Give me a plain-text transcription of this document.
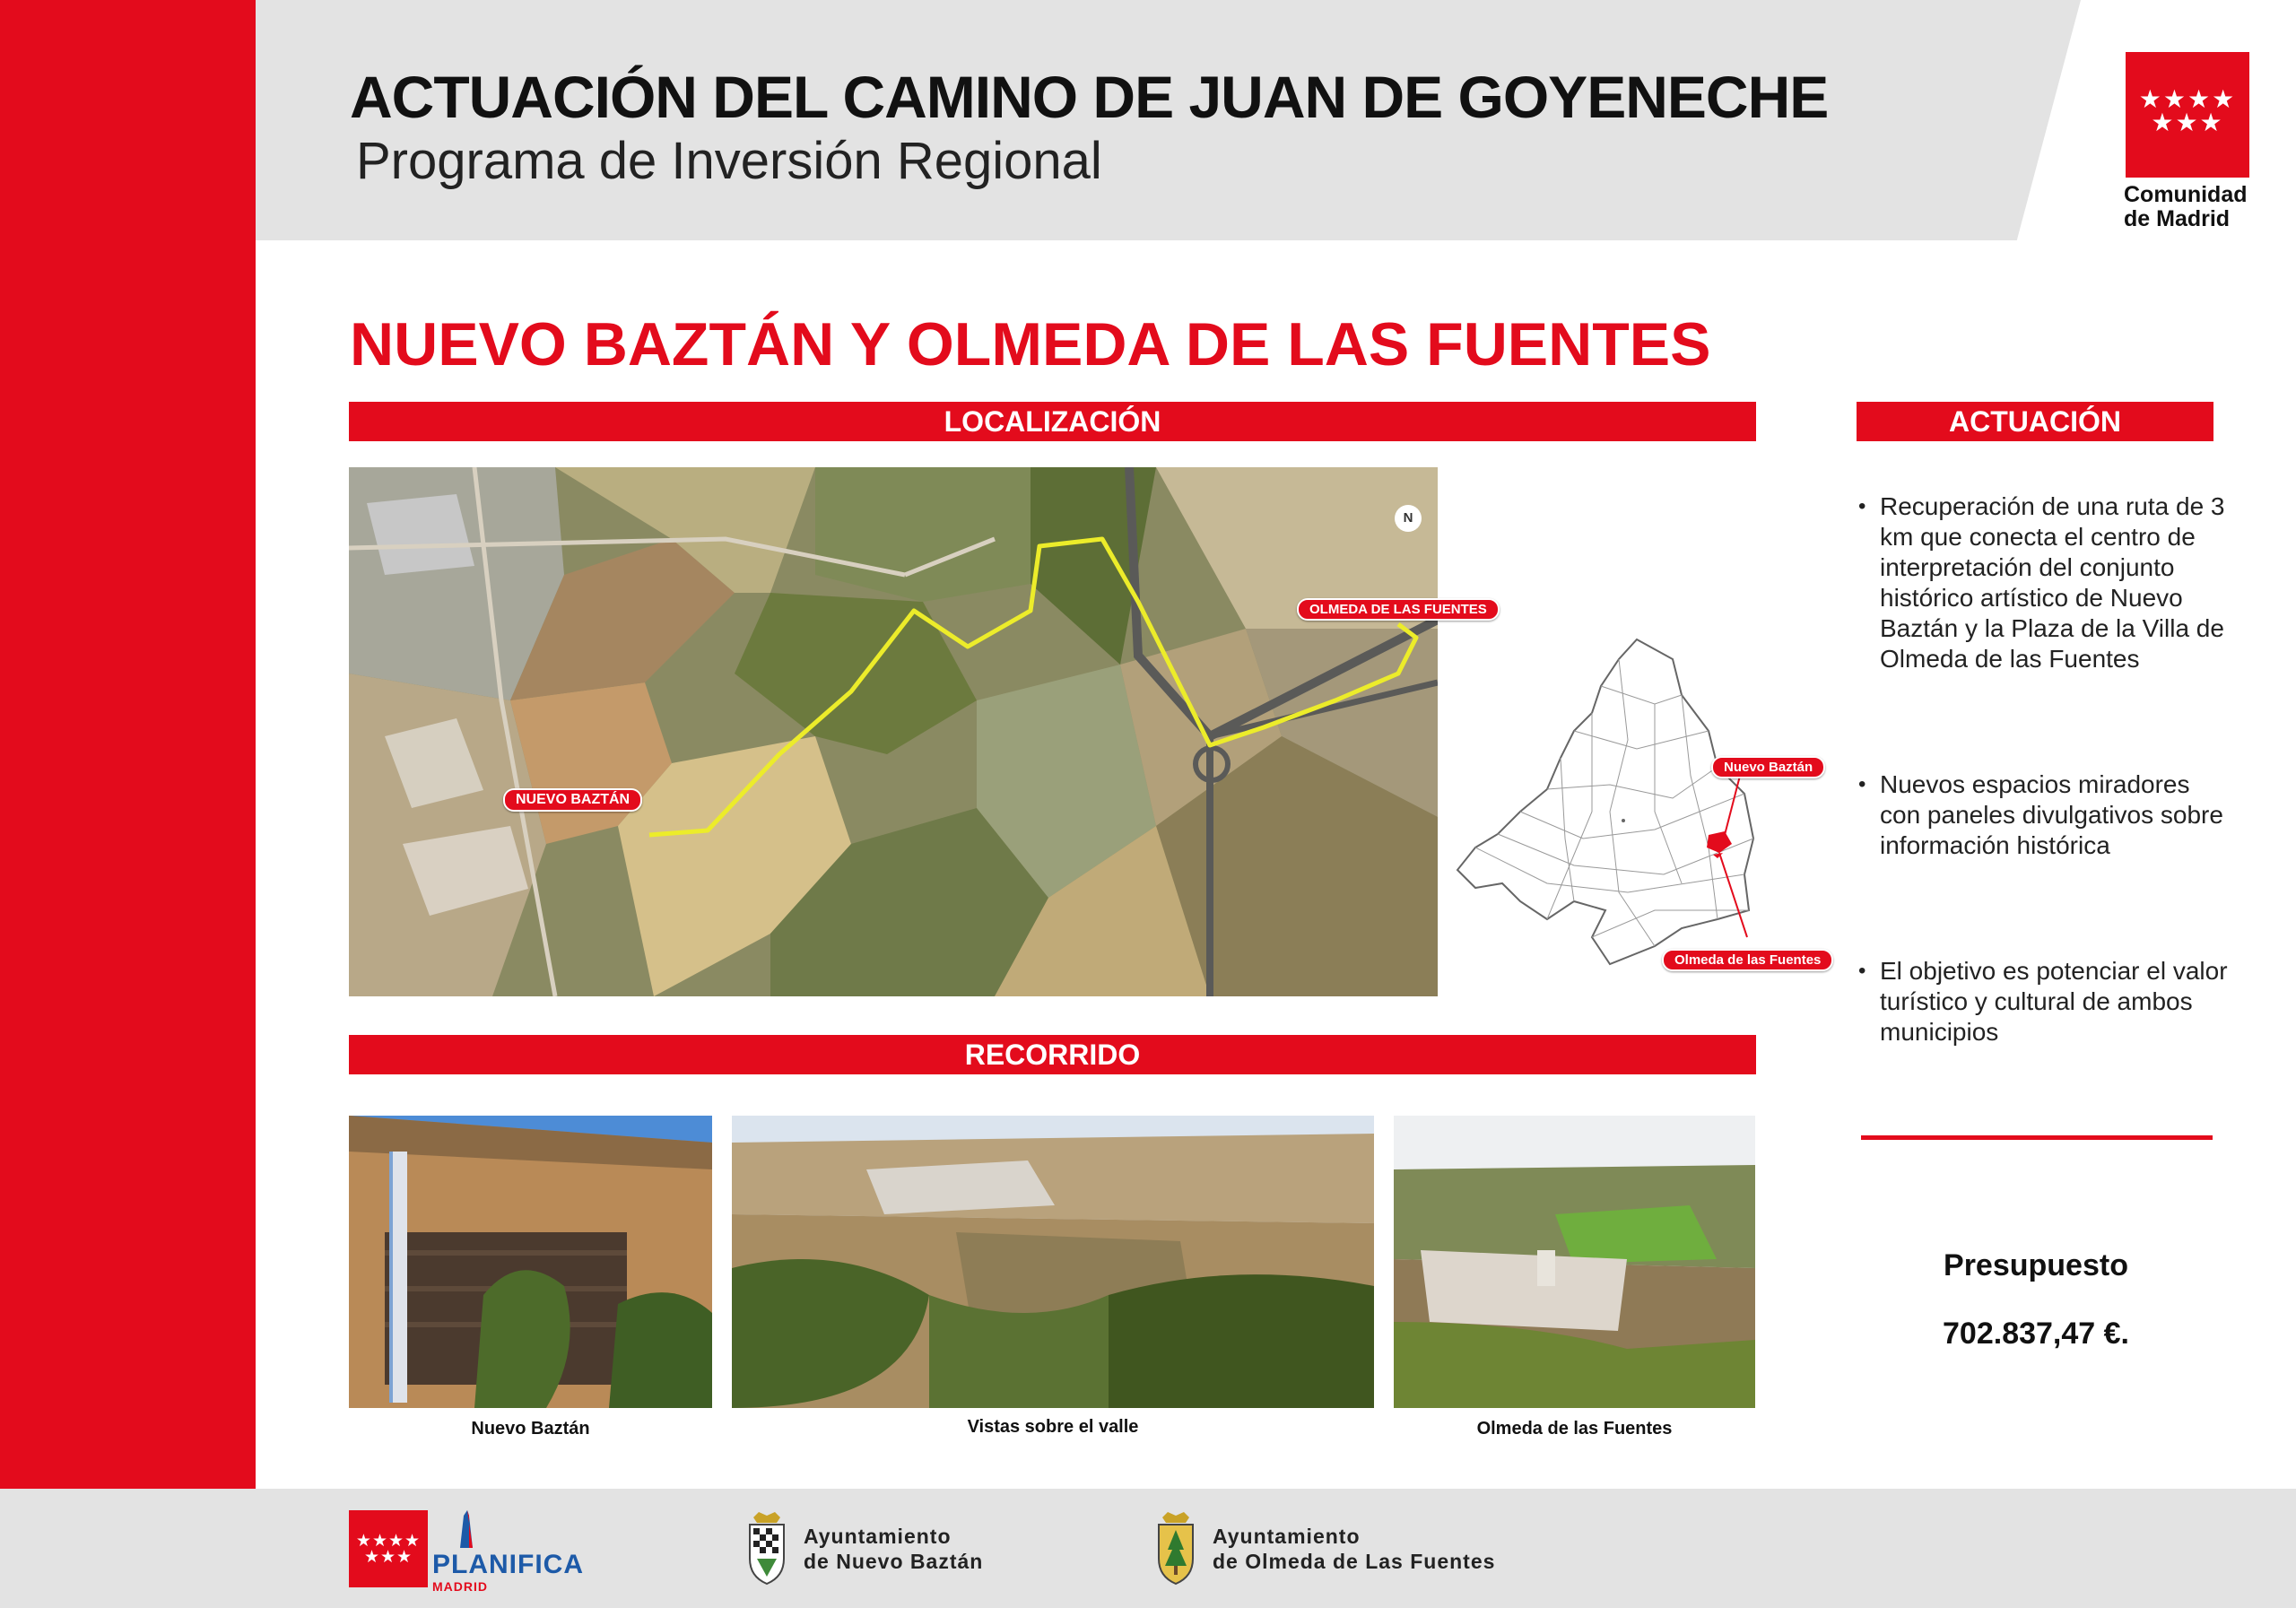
ACTUACIÓN DEL CAMINO DE JUAN DE GOYENECHE
Programa de Inversión Regional
★★★★
★★★
Comunidad
de Madrid
NUEVO BAZTÁN Y OLMEDA DE LAS FUENTES
LOCALIZACIÓN	ACTUACIÓN
N
OLMEDA DE LAS FUENTES
NUEVO BAZTÁN
Nuevo Baztán
Olmeda de las Fuentes
• Recuperación de una ruta de 3 km que conecta el centro de interpretación del conjunto histórico artístico de Nuevo Baztán y la Plaza de la Villa de Olmeda de las Fuentes
• Nuevos espacios miradores con paneles divulgativos sobre información histórica
• El objetivo es potenciar el valor turístico y cultural de ambos municipios
Presupuesto
702.837,47 €.
RECORRIDO
Nuevo Baztán	Vistas sobre el valle	Olmeda de las Fuentes
★★★★
★★★ PLANIFICA
MADRID
Ayuntamiento
de Nuevo Baztán
Ayuntamiento
de Olmeda de Las Fuentes
